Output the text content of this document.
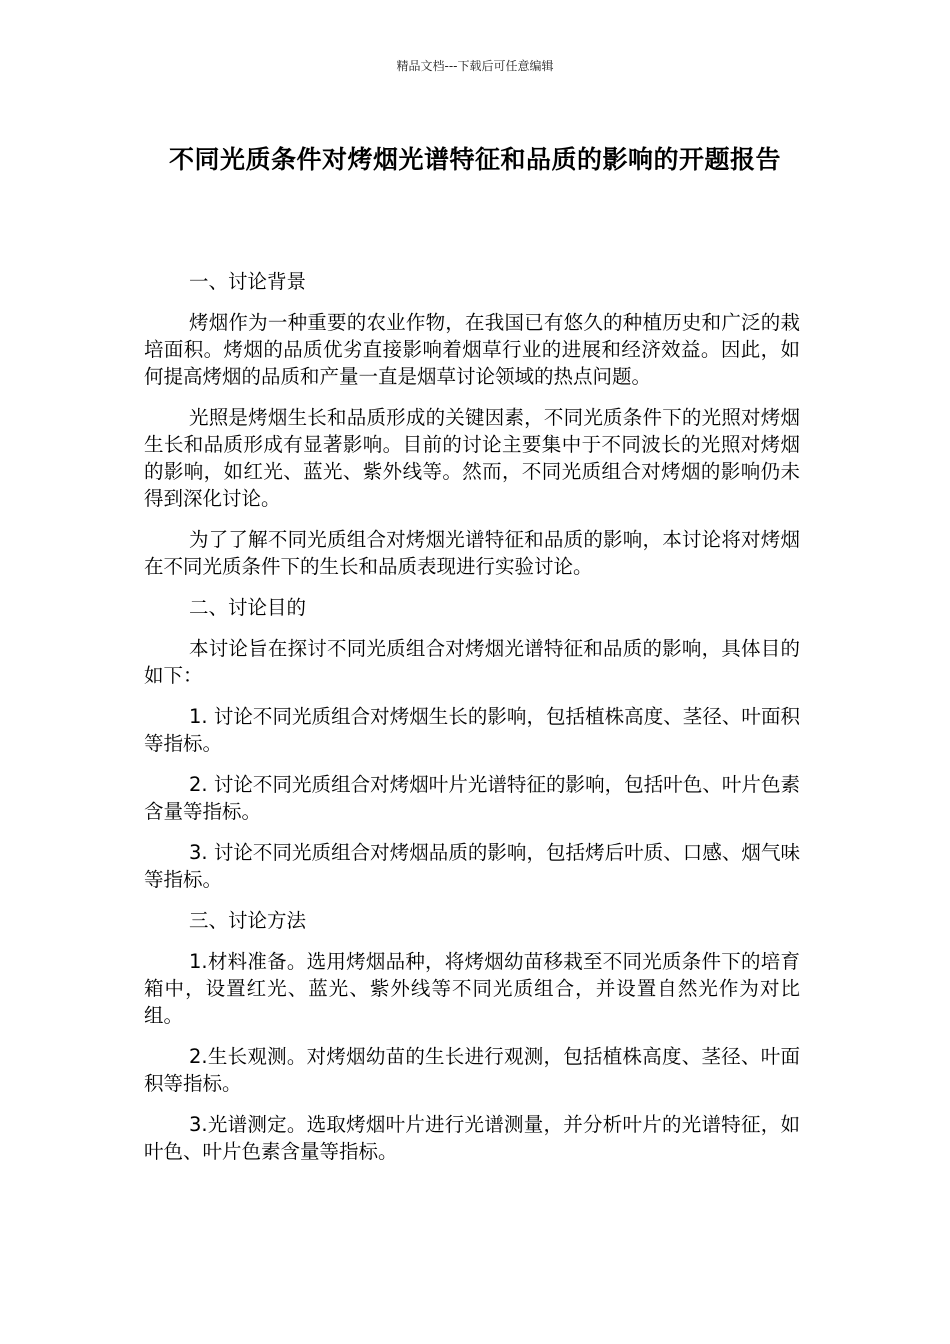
精品文档---下载后可任意编辑
不同光质条件对烤烟光谱特征和品质的影响的开题报告

一、讨论背景

烤烟作为一种重要的农业作物，在我国已有悠久的种植历史和广泛的栽培面积。烤烟的品质优劣直接影响着烟草行业的进展和经济效益。因此，如何提高烤烟的品质和产量一直是烟草讨论领域的热点问题。

光照是烤烟生长和品质形成的关键因素，不同光质条件下的光照对烤烟生长和品质形成有显著影响。目前的讨论主要集中于不同波长的光照对烤烟的影响，如红光、蓝光、紫外线等。然而，不同光质组合对烤烟的影响仍未得到深化讨论。

为了了解不同光质组合对烤烟光谱特征和品质的影响，本讨论将对烤烟在不同光质条件下的生长和品质表现进行实验讨论。

二、讨论目的

本讨论旨在探讨不同光质组合对烤烟光谱特征和品质的影响，具体目的如下：

1. 讨论不同光质组合对烤烟生长的影响，包括植株高度、茎径、叶面积等指标。

2. 讨论不同光质组合对烤烟叶片光谱特征的影响，包括叶色、叶片色素含量等指标。

3. 讨论不同光质组合对烤烟品质的影响，包括烤后叶质、口感、烟气味等指标。

三、讨论方法

1.材料准备。选用烤烟品种，将烤烟幼苗移栽至不同光质条件下的培育箱中，设置红光、蓝光、紫外线等不同光质组合，并设置自然光作为对比组。

2.生长观测。对烤烟幼苗的生长进行观测，包括植株高度、茎径、叶面积等指标。

3.光谱测定。选取烤烟叶片进行光谱测量，并分析叶片的光谱特征，如叶色、叶片色素含量等指标。
